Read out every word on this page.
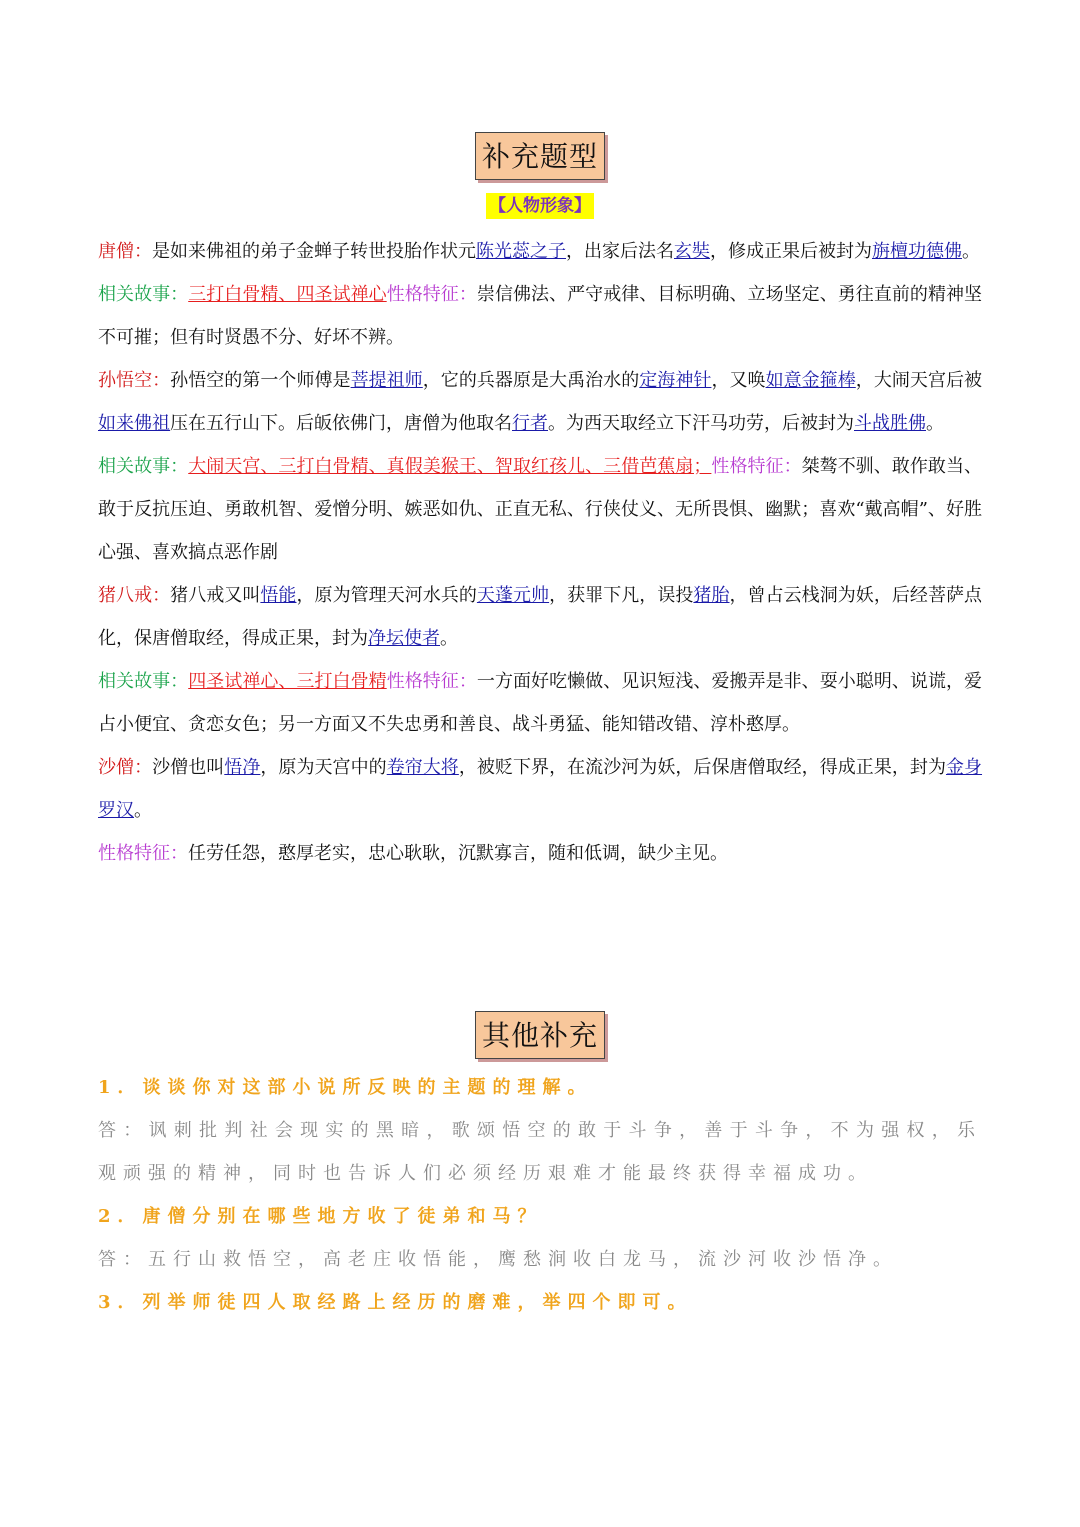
补充题型
【人物形象】

唐僧：是如来佛祖的弟子金蝉子转世投胎作状元陈光蕊之子，出家后法名玄奘，修成正果后被封为旃檀功德佛。

相关故事：三打白骨精、四圣试禅心性格特征：崇信佛法、严守戒律、目标明确、立场坚定、勇往直前的精神坚不可摧；但有时贤愚不分、好坏不辨。

孙悟空：孙悟空的第一个师傅是菩提祖师，它的兵器原是大禹治水的定海神针，又唤如意金箍棒，大闹天宫后被如来佛祖压在五行山下。后皈依佛门，唐僧为他取名行者。为西天取经立下汗马功劳，后被封为斗战胜佛。

相关故事：大闹天宫、三打白骨精、真假美猴王、智取红孩儿、三借芭蕉扇；性格特征：桀骜不驯、敢作敢当、敢于反抗压迫、勇敢机智、爱憎分明、嫉恶如仇、正直无私、行侠仗义、无所畏惧、幽默；喜欢“戴高帽”、好胜心强、喜欢搞点恶作剧

猪八戒：猪八戒又叫悟能，原为管理天河水兵的天蓬元帅，获罪下凡，误投猪胎，曾占云栈洞为妖，后经菩萨点化，保唐僧取经，得成正果，封为净坛使者。

相关故事：四圣试禅心、三打白骨精性格特征：一方面好吃懒做、见识短浅、爱搬弄是非、耍小聪明、说谎，爱占小便宜、贪恋女色；另一方面又不失忠勇和善良、战斗勇猛、能知错改错、淳朴憨厚。

沙僧：沙僧也叫悟净，原为天宫中的卷帘大将，被贬下界，在流沙河为妖，后保唐僧取经，得成正果，封为金身罗汉。

性格特征：任劳任怨，憨厚老实，忠心耿耿，沉默寡言，随和低调，缺少主见。

其他补充

1．谈谈你对这部小说所反映的主题的理解。

答：讽刺批判社会现实的黑暗，歌颂悟空的敢于斗争，善于斗争，不为强权，乐观顽强的精神，同时也告诉人们必须经历艰难才能最终获得幸福成功。

2．唐僧分别在哪些地方收了徒弟和马？

答：五行山救悟空，高老庄收悟能，鹰愁涧收白龙马，流沙河收沙悟净。

3．列举师徒四人取经路上经历的磨难，举四个即可。
